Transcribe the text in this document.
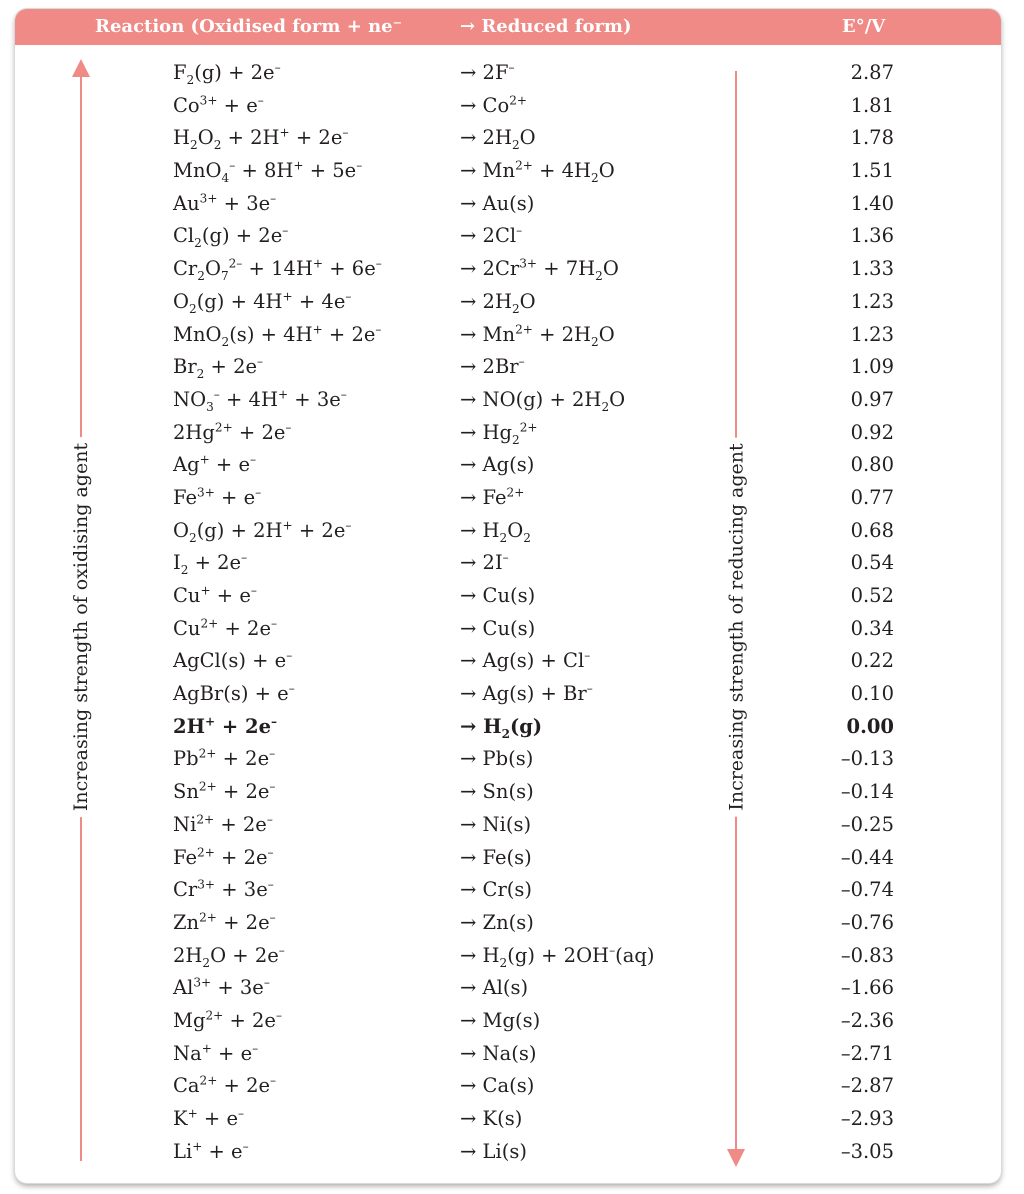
Reaction (Oxidised form + ne⁻	→ Reduced form)	E°/V
Increasing strength of oxidising agent	Increasing strength of reducing agent
$F_2(g) + 2e^-$	→ 2F–	2.87
$Co^{3+} + e^-$	→ $Co^{2+}$	1.81
$H_2O_2 + 2H^+ + 2e^-$	→ $2H_2O$	1.78
MnO$_4$– + 8H+ + 5e–	→ $Mn^{2+} + 4H_2O$	1.51
$Au^{3+} + 3e^-$	→ Au(s)	1.40
$Cl_2(g) + 2e^-$	→ 2Cl–	1.36
$Cr_2O_7^{2-} + 14H^+ + 6e^-$	→ $2Cr^{3+} + 7H_2O$	1.33
$O_2(g) + 4H^+ + 4e^-$	→ $2H_2O$	1.23
MnO$_2$(s) + 4H+ + 2e–	→ $Mn^{2+} + 2H_2O$	1.23
$Br_2 + 2e^-$	→ 2Br–	1.09
$NO_3^- + 4H^+ + 3e^-$	→ $NO(g) + 2H_2O$	0.97
$2Hg^{2+} + 2e^-$	→ $Hg_2^{2+}$	0.92
Ag+ + e–	→ Ag(s)	0.80
$Fe^{3+} + e^-$	→ $Fe^{2+}$	0.77
$O_2(g) + 2H^+ + 2e^-$	→ $H_2O_2$	0.68
$I_2 + 2e^-$	→ 2I–	0.54
Cu+ + e–	→ Cu(s)	0.52
$Cu^{2+} + 2e^-$	→ Cu(s)	0.34
AgCl(s) + e–	→ Ag(s) + Cl–	0.22
AgBr(s) + e–	→ Ag(s) + Br–	0.10
2H+ + 2e–	→ $H_2(g)$	0.00
$Pb^{2+} + 2e^-$	→ Pb(s)	–0.13
$Sn^{2+} + 2e^-$	→ Sn(s)	–0.14
$Ni^{2+} + 2e^-$	→ Ni(s)	–0.25
$Fe^{2+} + 2e^-$	→ Fe(s)	–0.44
$Cr^{3+} + 3e^-$	→ Cr(s)	–0.74
$Zn^{2+} + 2e^-$	→ Zn(s)	–0.76
$2H_2O + 2e^-$	→ $H_2(g) + 2OH^-(aq)$	–0.83
$Al^{3+} + 3e^-$	→ Al(s)	–1.66
$Mg^{2+} + 2e^-$	→ Mg(s)	–2.36
Na+ + e–	→ Na(s)	–2.71
$Ca^{2+} + 2e^-$	→ Ca(s)	–2.87
K+ + e–	→ K(s)	–2.93
Li+ + e–	→ Li(s)	–3.05
